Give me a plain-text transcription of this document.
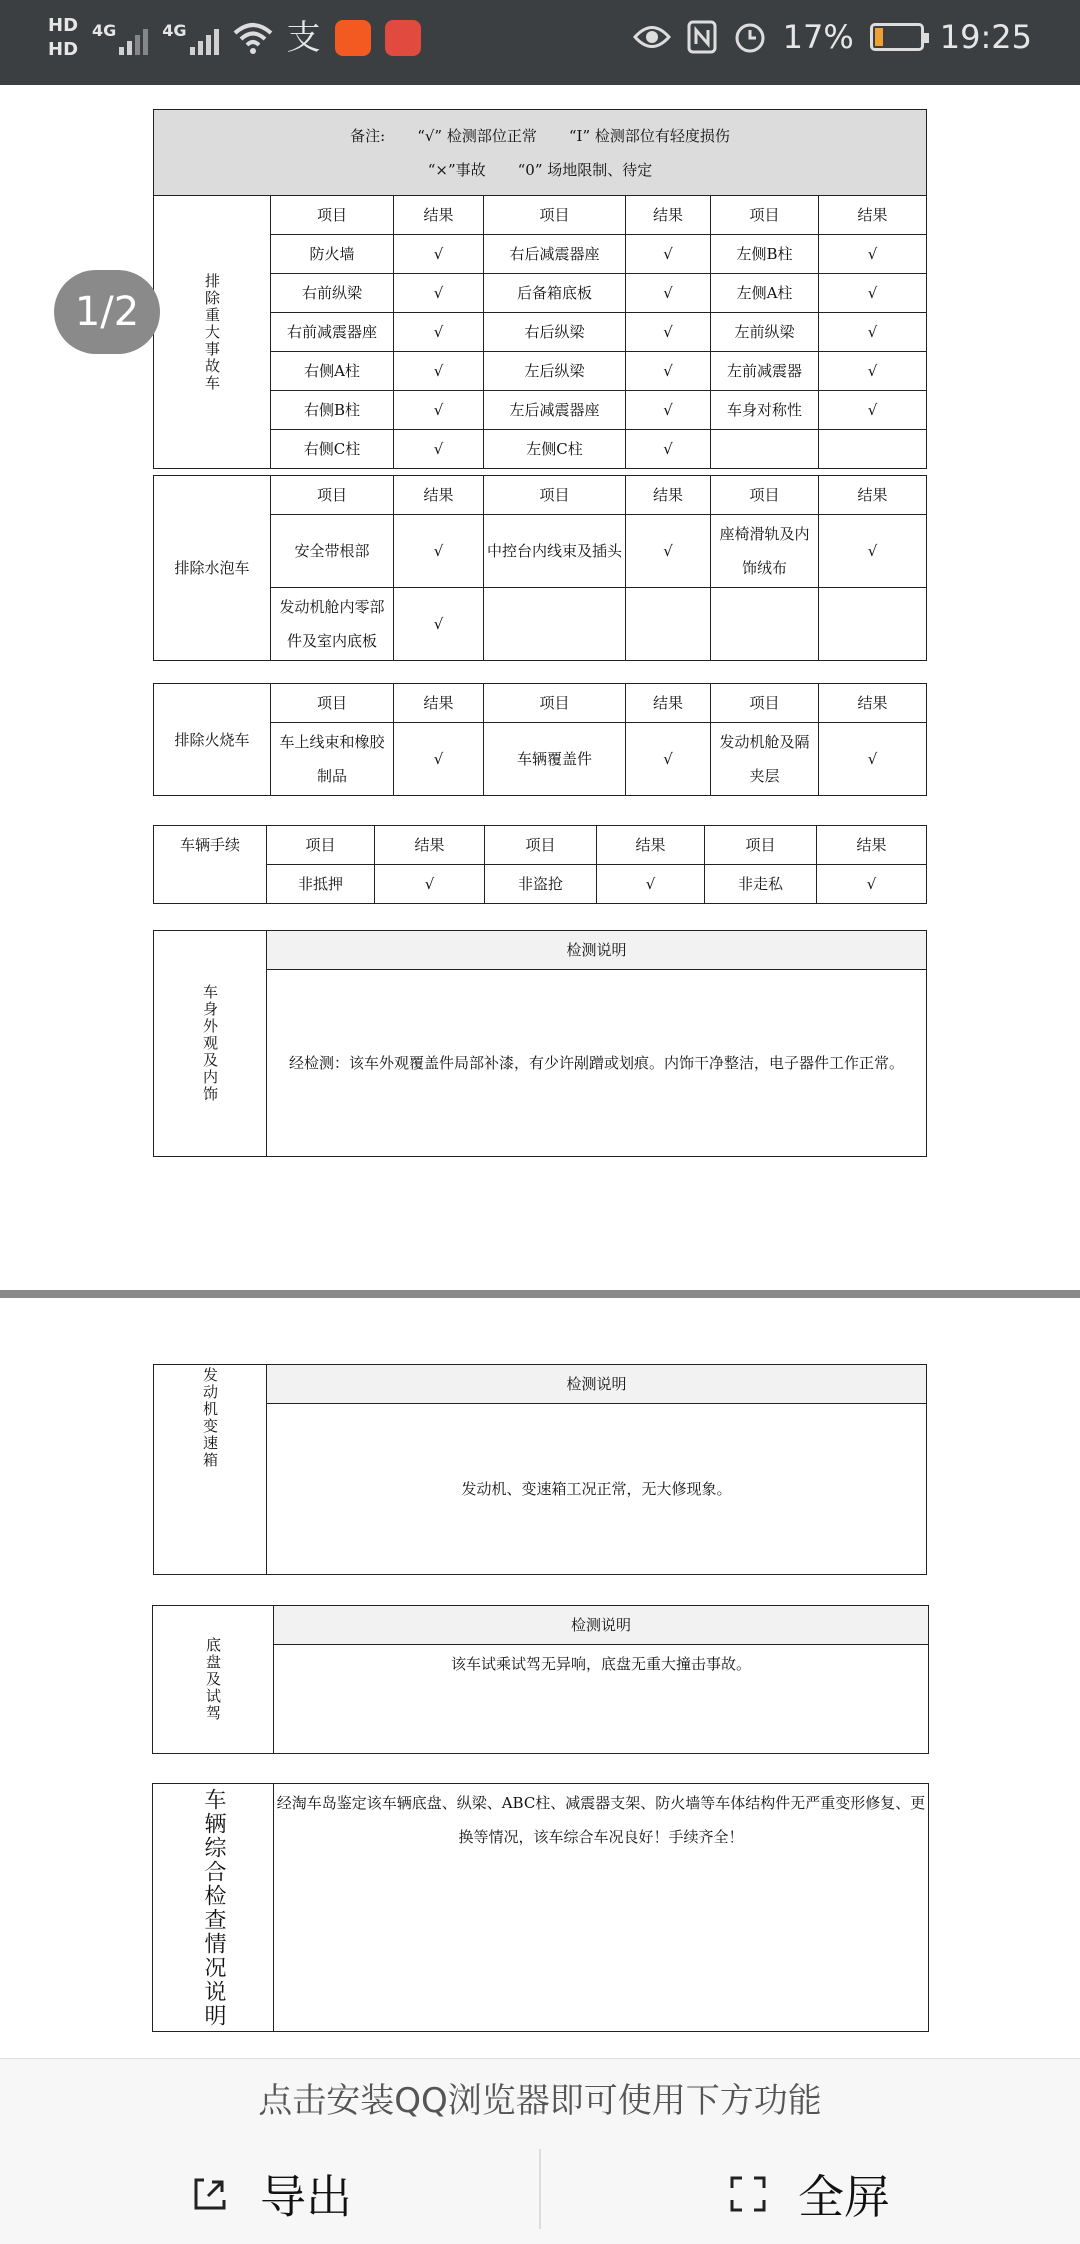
HD
HD
4G	4G	支	17%	19:25
备注: “√” 检测部位正常 “I” 检测部位有轻度损伤
“×”事故 “0” 场地限制、待定						

排除重大事故车	项目	结果	项目	结果	项目	结果
	防火墙	√	右后减震器座	√	左侧B柱	√
	右前纵梁	√	后备箱底板	√	左侧A柱	√
	右前减震器座	√	右后纵梁	√	左前纵梁	√
	右侧A柱	√	左后纵梁	√	左前减震器	√
	右侧B柱	√	左后减震器座	√	车身对称性	√
	右侧C柱	√	左侧C柱	√		
排除水泡车	项目	结果	项目	结果	项目	结果
	安全带根部	√	中控台内线束及插头	√	座椅滑轨及内饰绒布	√
	发动机舱内零部件及室内底板	√				
排除火烧车	项目	结果	项目	结果	项目	结果
	车上线束和橡胶制品	√	车辆覆盖件	√	发动机舱及隔夹层	√
车辆手续	项目	结果	项目	结果	项目	结果
	非抵押	√	非盗抢	√	非走私	√
车身外观及内饰
	检测说明
经检测：该车外观覆盖件局部补漆，有少许剐蹭或划痕。内饰干净整洁，电子器件工作正常。
发动机变速箱	检测说明
发动机、变速箱工况正常，无大修现象。
底盘及试驾
	检测说明
该车试乘试驾无异响，底盘无重大撞击事故。
车辆综合检查情况说明	经淘车岛鉴定该车辆底盘、纵梁、ABC柱、减震器支架、防火墙等车体结构件无严重变形修复、更换等情况，该车综合车况良好！手续齐全！
1/2
点击安装QQ浏览器即可使用下方功能
导出	全屏
